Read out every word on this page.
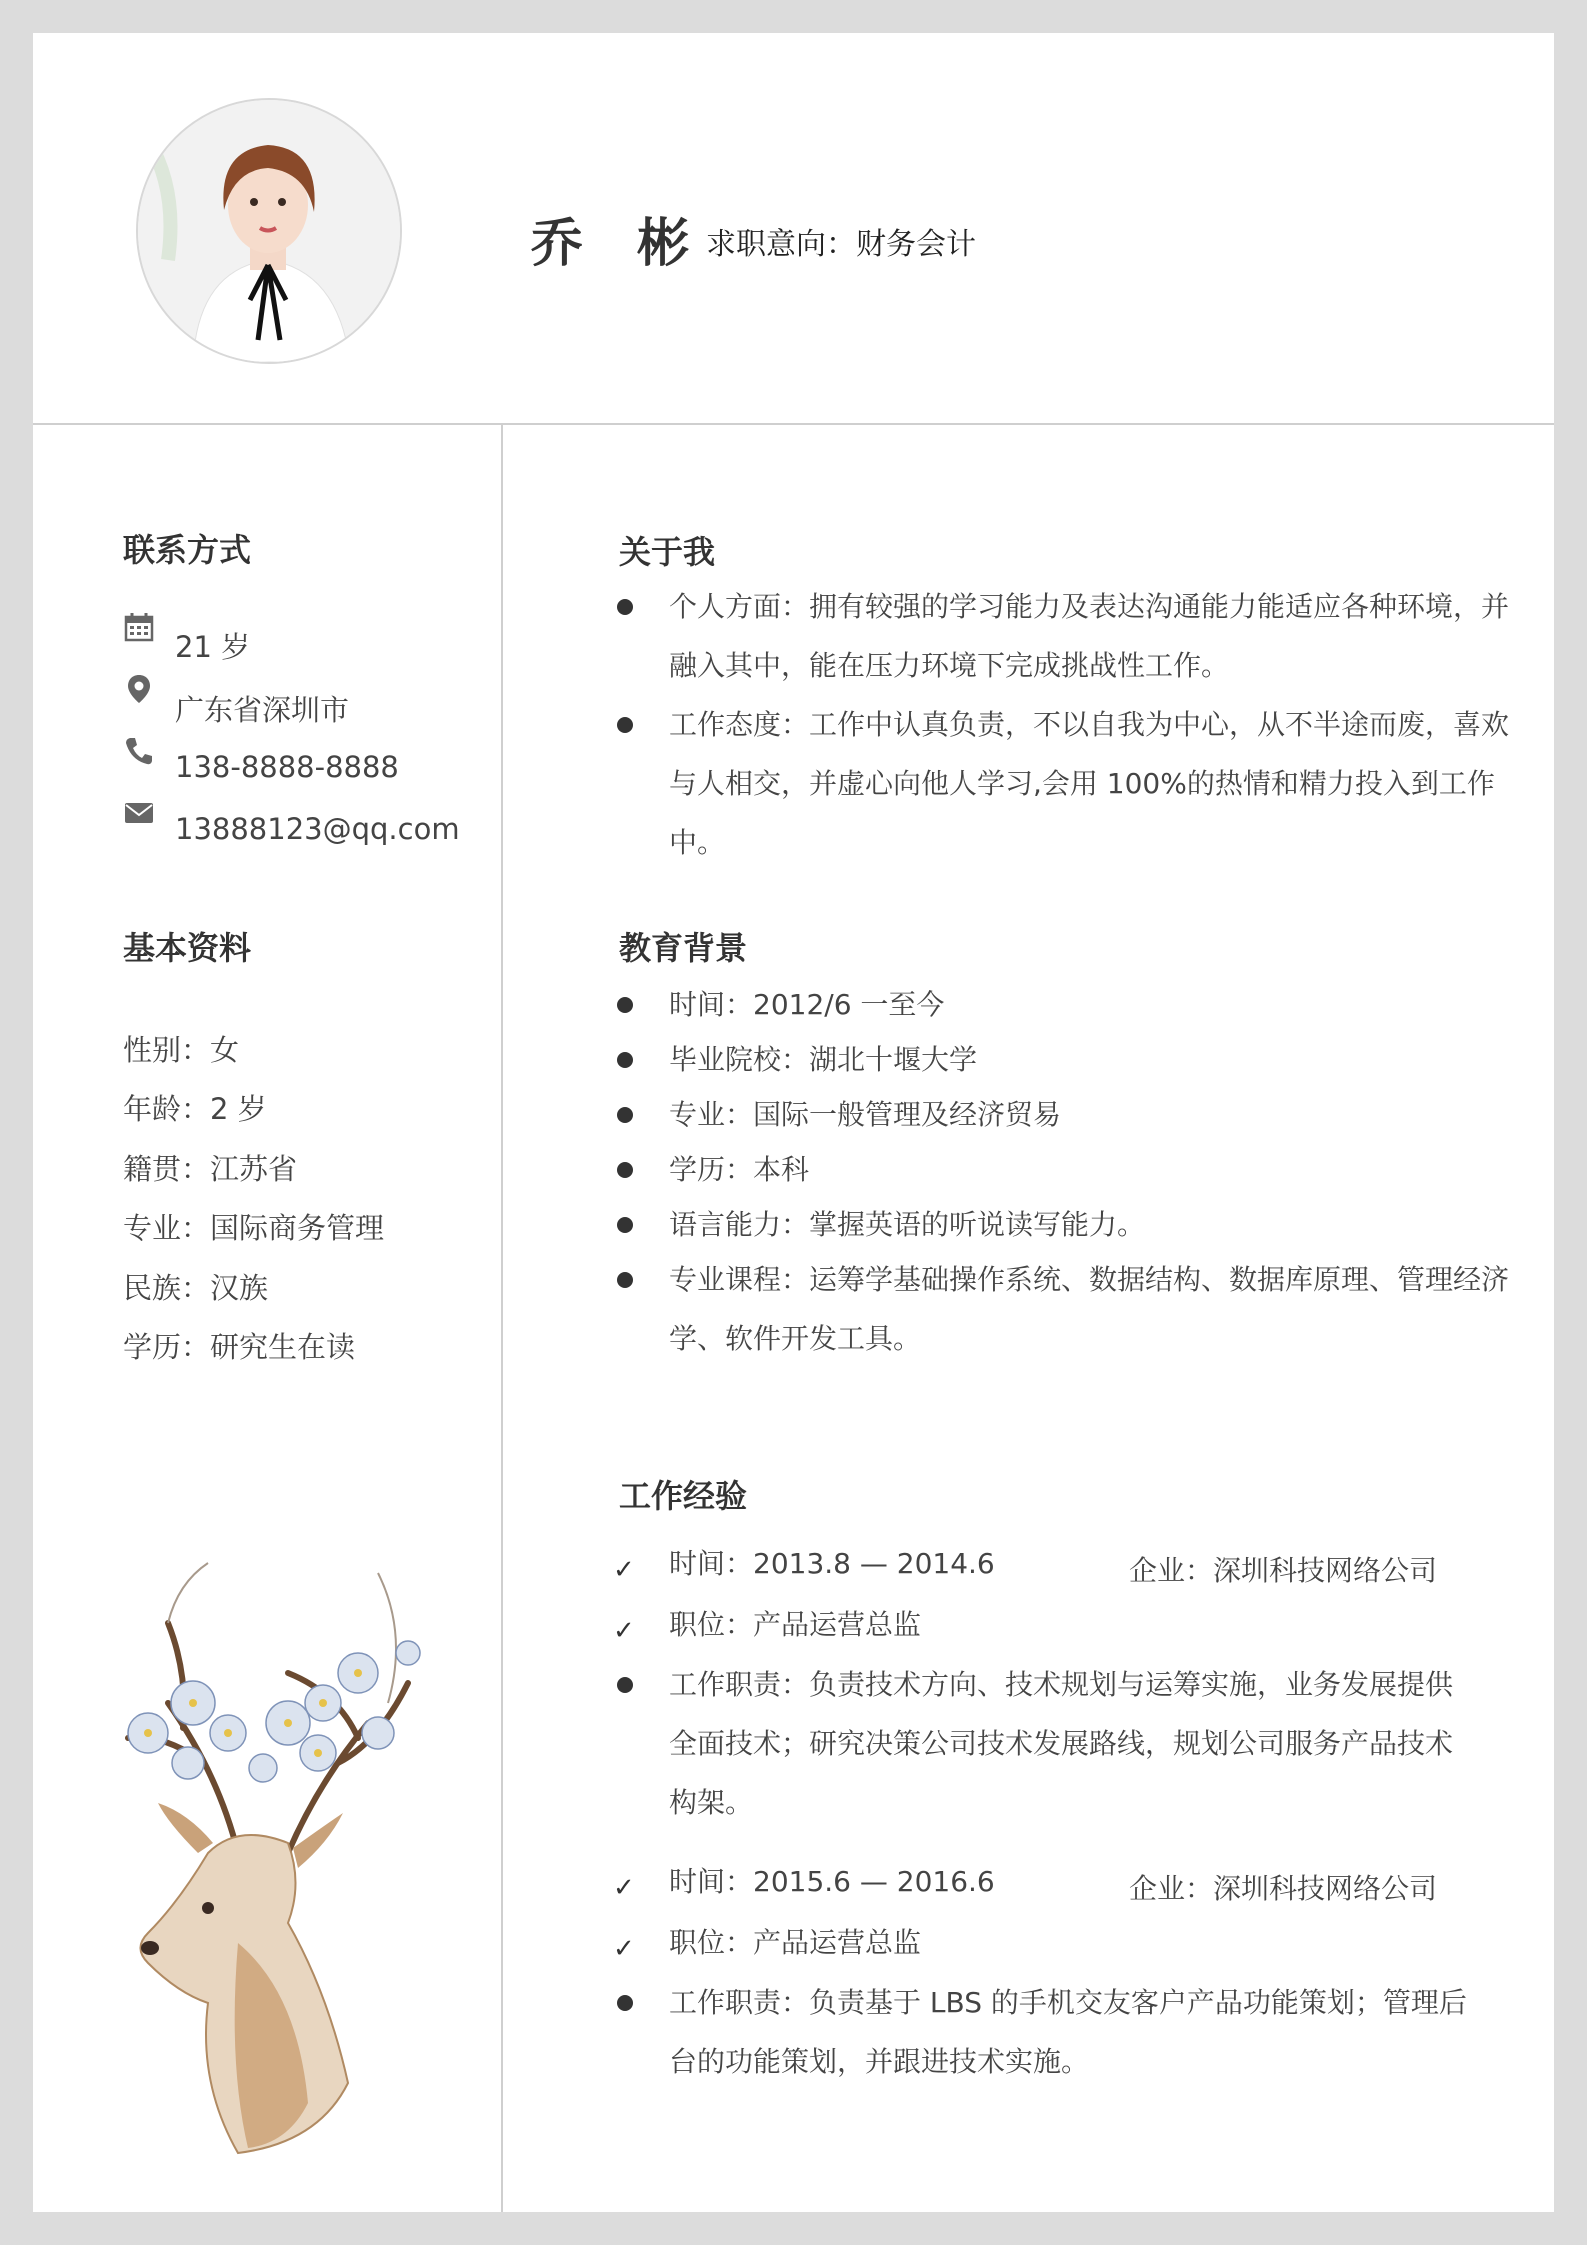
乔 彬
求职意向：财务会计
联系方式
21 岁
广东省深圳市
138-8888-8888
13888123@qq.com
基本资料
性别：女
年龄：2 岁
籍贯：江苏省
专业：国际商务管理
民族：汉族
学历：研究生在读
关于我
个人方面：拥有较强的学习能力及表达沟通能力能适应各种环境，并融入其中，能在压力环境下完成挑战性工作。
工作态度：工作中认真负责，不以自我为中心，从不半途而废，喜欢与人相交，并虚心向他人学习,会用 100%的热情和精力投入到工作中。
教育背景
时间：2012/6 一至今
毕业院校：湖北十堰大学
专业：国际一般管理及经济贸易
学历：本科
语言能力：掌握英语的听说读写能力。
专业课程：运筹学基础操作系统、数据结构、数据库原理、管理经济学、软件开发工具。
工作经验
✓ 时间：2013.8 — 2014.6	企业：深圳科技网络公司
✓ 职位：产品运营总监
工作职责：负责技术方向、技术规划与运筹实施，业务发展提供全面技术；研究决策公司技术发展路线，规划公司服务产品技术构架。
✓ 时间：2015.6 — 2016.6	企业：深圳科技网络公司
✓ 职位：产品运营总监
工作职责：负责基于 LBS 的手机交友客户产品功能策划；管理后台的功能策划，并跟进技术实施。
